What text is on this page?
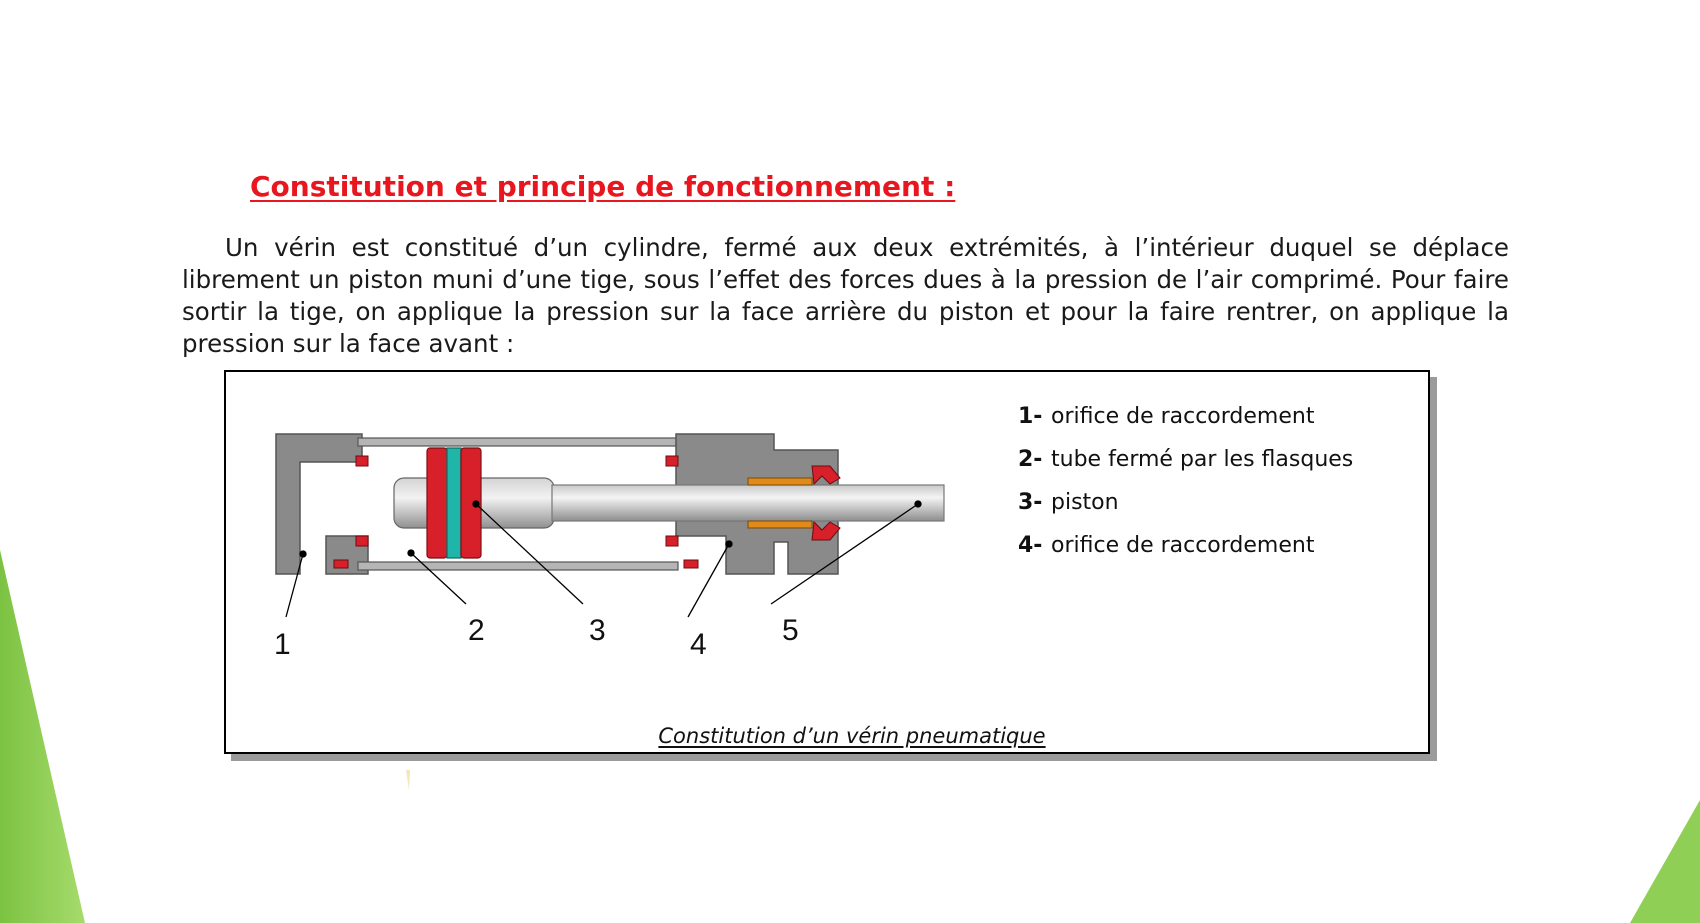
Constitution et principe de fonctionnement :

Un vérin est constitué d’un cylindre, fermé aux deux extrémités, à l’intérieur duquel se déplace librement un piston muni d’une tige, sous l’effet des forces dues à la pression de l’air comprimé. Pour faire sortir la tige, on applique la pression sur la face arrière du piston et pour la faire rentrer, on applique la pression sur la face avant :

1	2	3	4	5
1- orifice de raccordement
2- tube fermé par les flasques
3- piston
4- orifice de raccordement

Constitution d’un vérin pneumatique
